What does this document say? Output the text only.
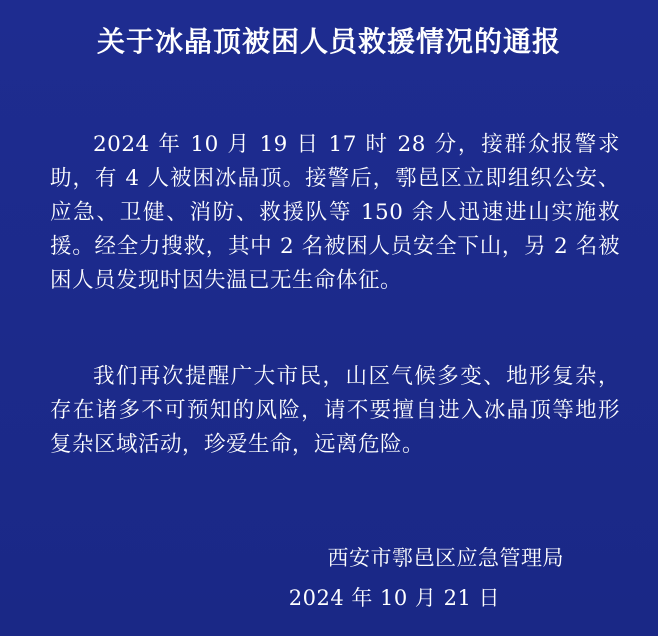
关于冰晶顶被困人员救援情况的通报

2024 年 10 月 19 日 17 时 28 分，接群众报警求助，有 4 人被困冰晶顶。接警后，鄠邑区立即组织公安、应急、卫健、消防、救援队等 150 余人迅速进山实施救援。经全力搜救，其中 2 名被困人员安全下山，另 2 名被困人员发现时因失温已无生命体征。

我们再次提醒广大市民，山区气候多变、地形复杂，存在诸多不可预知的风险，请不要擅自进入冰晶顶等地形复杂区域活动，珍爱生命，远离危险。

西安市鄠邑区应急管理局
2024 年 10 月 21 日
